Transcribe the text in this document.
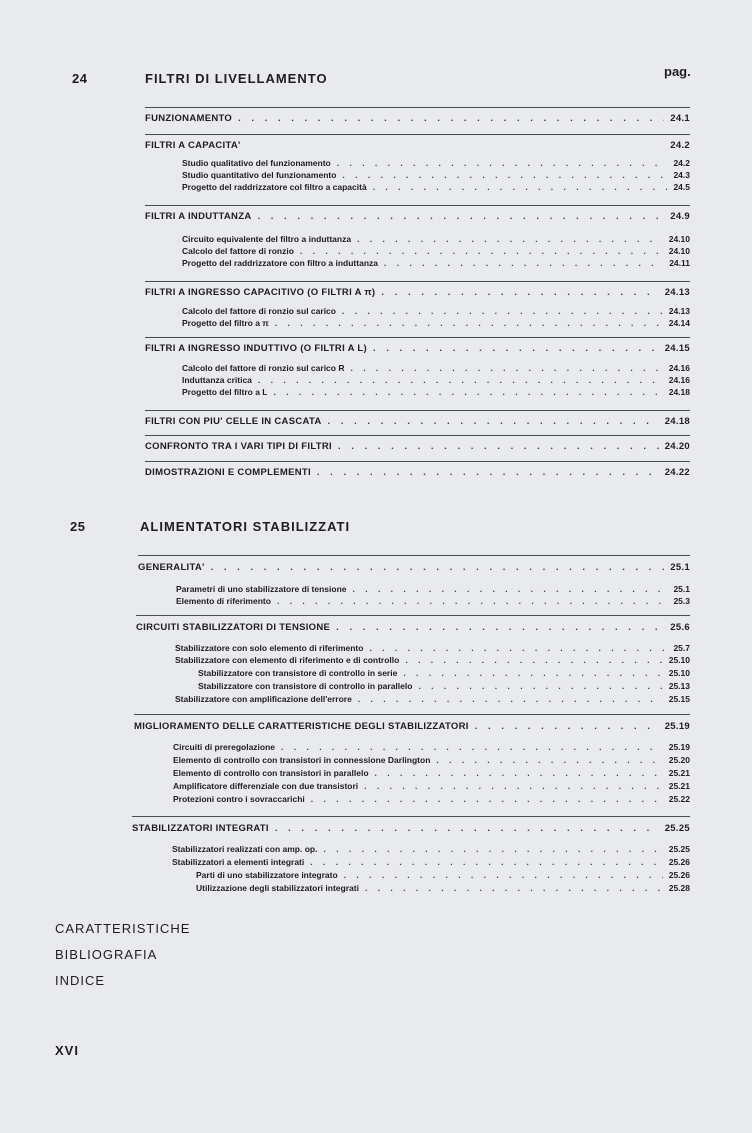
pag.
24	FILTRI DI LIVELLAMENTO
FUNZIONAMENTO . . .	24.1
FILTRI A CAPACITA'	24.2
Studio qualitativo del funzionamento . . .	24.2
Studio quantitativo del funzionamento . . .	24.3
Progetto del raddrizzatore col filtro a capacità . . .	24.5
FILTRI A INDUTTANZA . . .	24.9
Circuito equivalente del filtro a induttanza . . .	24.10
Calcolo del fattore di ronzio . . .	24.10
Progetto del raddrizzatore con filtro a induttanza . . .	24.11
FILTRI A INGRESSO CAPACITIVO (O FILTRI A π) . . .	24.13
Calcolo del fattore di ronzio sul carico . . .	24.13
Progetto del filtro a π . . .	24.14
FILTRI A INGRESSO INDUTTIVO (O FILTRI A L) . . .	24.15
Calcolo del fattore di ronzio sul carico R . . .	24.16
Induttanza critica . . .	24.16
Progetto del filtro a L . . .	24.18
FILTRI CON PIU' CELLE IN CASCATA . . .	24.18
CONFRONTO TRA I VARI TIPI DI FILTRI . . .	24.20
DIMOSTRAZIONI E COMPLEMENTI . . .	24.22
25	ALIMENTATORI STABILIZZATI
GENERALITA' . . .	25.1
Parametri di uno stabilizzatore di tensione . . .	25.1
Elemento di riferimento . . .	25.3
CIRCUITI STABILIZZATORI DI TENSIONE . . .	25.6
Stabilizzatore con solo elemento di riferimento . . .	25.7
Stabilizzatore con elemento di riferimento e di controllo . . .	25.10
Stabilizzatore con transistore di controllo in serie . . .	25.10
Stabilizzatore con transistore di controllo in parallelo . . .	25.13
Stabilizzatore con amplificazione dell'errore . . .	25.15
MIGLIORAMENTO DELLE CARATTERISTICHE DEGLI STABILIZZATORI . . .	25.19
Circuiti di preregolazione . . .	25.19
Elemento di controllo con transistori in connessione Darlington . . .	25.20
Elemento di controllo con transistori in parallelo . . .	25.21
Amplificatore differenziale con due transistori . . .	25.21
Protezioni contro i sovraccarichi . . .	25.22
STABILIZZATORI INTEGRATI . . .	25.25
Stabilizzatori realizzati con amp. op. . . .	25.25
Stabilizzatori a elementi integrati . . .	25.26
Parti di uno stabilizzatore integrato . . .	25.26
Utilizzazione degli stabilizzatori integrati . . .	25.28
CARATTERISTICHE
BIBLIOGRAFIA
INDICE
XVI
